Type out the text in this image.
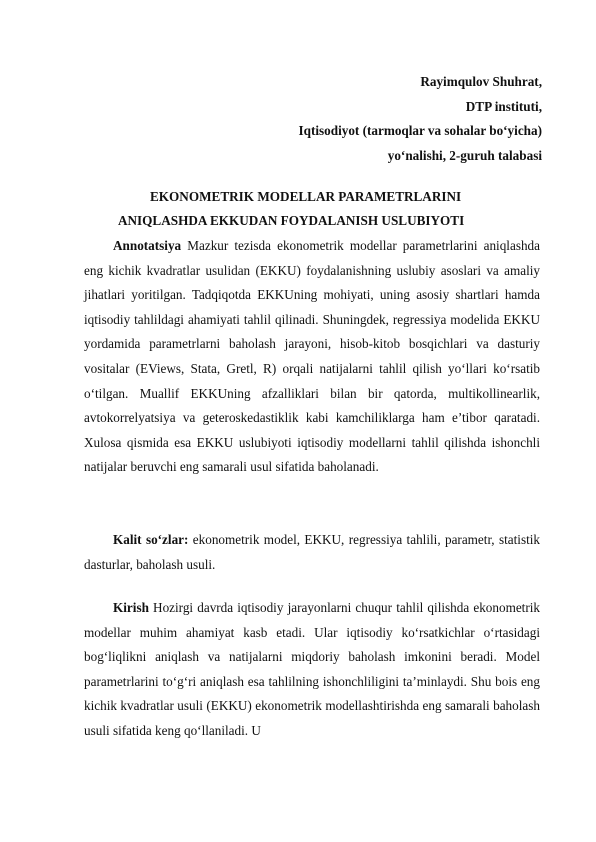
Rayimqulov Shuhrat,
DTP instituti,
Iqtisodiyot (tarmoqlar va sohalar bo‘yicha)
yo‘nalishi, 2-guruh talabasi
EKONOMETRIK MODELLAR PARAMETRLARINI
ANIQLASHDA EKKUDAN FOYDALANISH USLUBIYOTI

Annotatsiya Mazkur tezisda ekonometrik modellar parametrlarini aniqlashda eng kichik kvadratlar usulidan (EKKU) foydalanishning uslubiy asoslari va amaliy jihatlari yoritilgan. Tadqiqotda EKKUning mohiyati, uning asosiy shartlari hamda iqtisodiy tahlildagi ahamiyati tahlil qilinadi. Shuningdek, regressiya modelida EKKU yordamida parametrlarni baholash jarayoni, hisob-kitob bosqichlari va dasturiy vositalar (EViews, Stata, Gretl, R) orqali natijalarni tahlil qilish yo‘llari ko‘rsatib o‘tilgan. Muallif EKKUning afzalliklari bilan bir qatorda, multikollinearlik, avtokorrelyatsiya va geteroskedastiklik kabi kamchiliklarga ham e’tibor qaratadi. Xulosa qismida esa EKKU uslubiyoti iqtisodiy modellarni tahlil qilishda ishonchli natijalar beruvchi eng samarali usul sifatida baholanadi.

Kalit so‘zlar: ekonometrik model, EKKU, regressiya tahlili, parametr, statistik dasturlar, baholash usuli.

Kirish Hozirgi davrda iqtisodiy jarayonlarni chuqur tahlil qilishda ekonometrik modellar muhim ahamiyat kasb etadi. Ular iqtisodiy ko‘rsatkichlar o‘rtasidagi bog‘liqlikni aniqlash va natijalarni miqdoriy baholash imkonini beradi. Model parametrlarini to‘g‘ri aniqlash esa tahlilning ishonchliligini ta’minlaydi. Shu bois eng kichik kvadratlar usuli (EKKU) ekonometrik modellashtirishda eng samarali baholash usuli sifatida keng qo‘llaniladi. U
